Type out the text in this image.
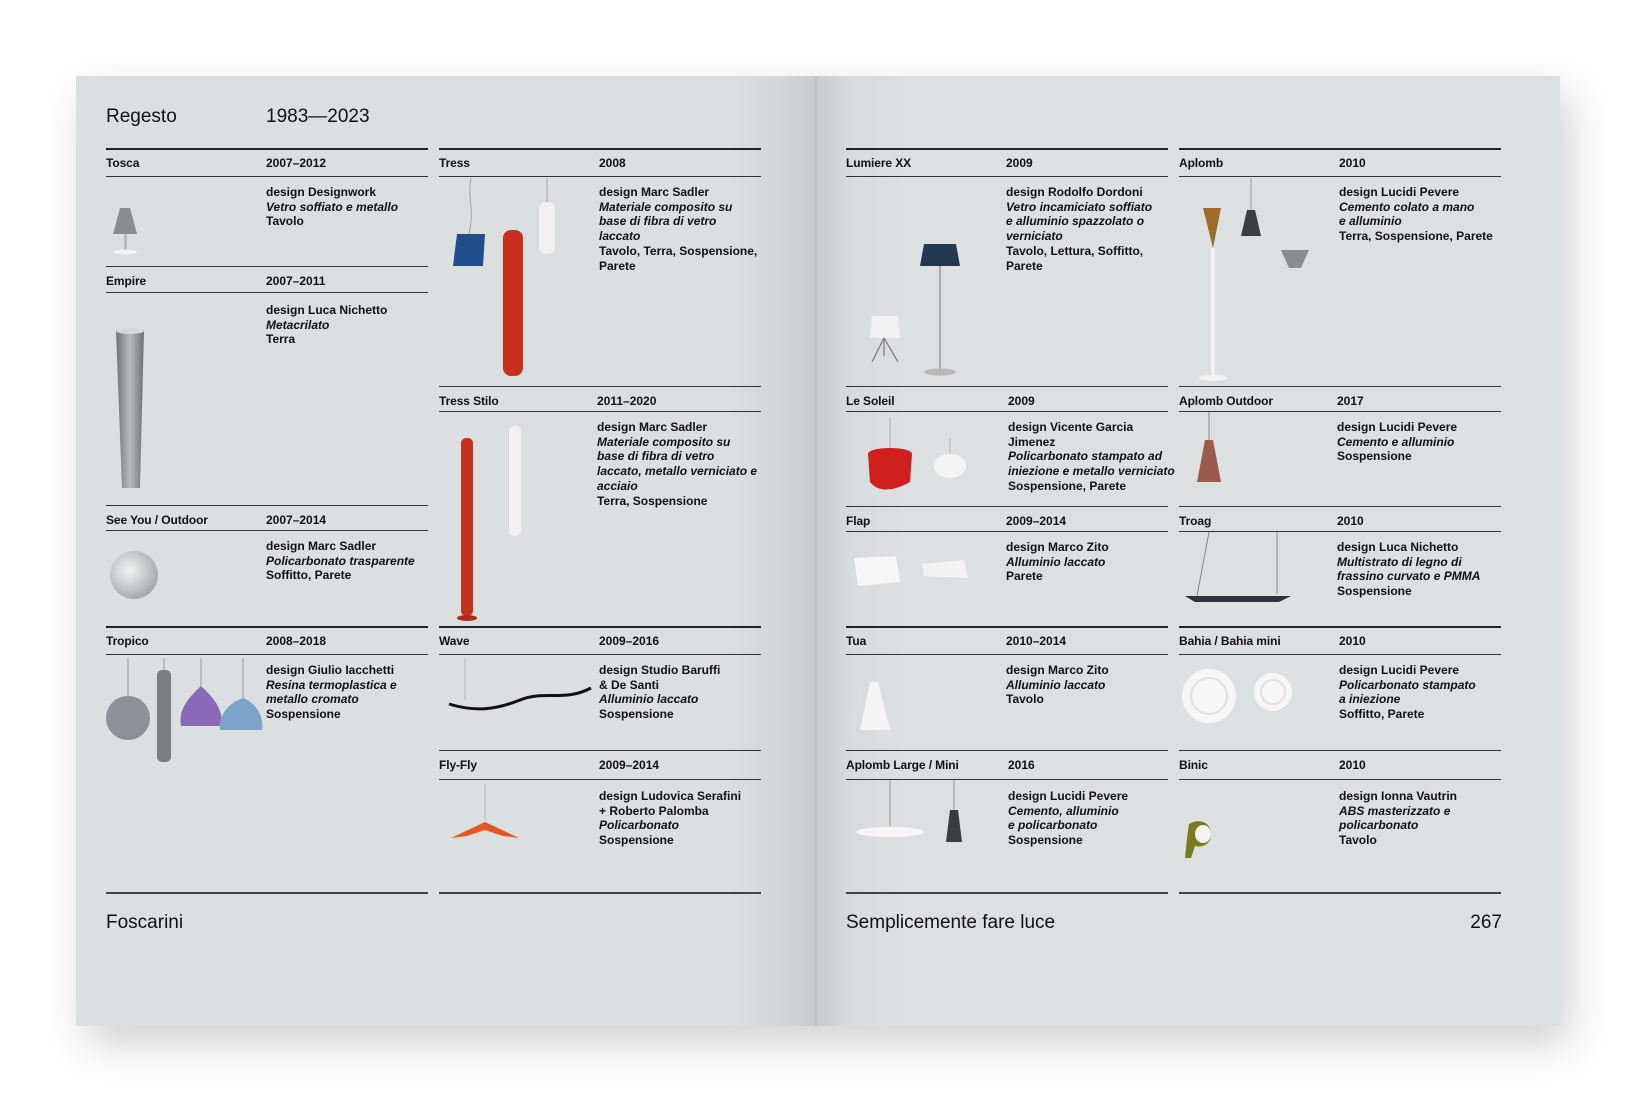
Regesto	1983—2023
Tosca	2007–2012
design Designwork
Vetro soffiato e metallo
Tavolo
Empire	2007–2011
design Luca Nichetto
Metacrilato
Terra
See You / Outdoor	2007–2014
design Marc Sadler
Policarbonato trasparente
Soffitto, Parete
Tropico	2008–2018
design Giulio Iacchetti
Resina termoplastica e metallo cromato
Sospensione
Tress	2008
design Marc Sadler
Materiale composito su base di fibra di vetro laccato
Tavolo, Terra, Sospensione, Parete
Tress Stilo	2011–2020
design Marc Sadler
Materiale composito su base di fibra di vetro laccato, metallo verniciato e acciaio
Terra, Sospensione
Wave	2009–2016
design Studio Baruffi & De Santi
Alluminio laccato
Sospensione
Fly-Fly	2009–2014
design Ludovica Serafini + Roberto Palomba
Policarbonato
Sospensione
Foscarini
Lumiere XX	2009
design Rodolfo Dordoni
Vetro incamiciato soffiato e alluminio spazzolato o verniciato
Tavolo, Lettura, Soffitto, Parete
Aplomb	2010
design Lucidi Pevere
Cemento colato a mano e alluminio
Terra, Sospensione, Parete
Le Soleil	2009
design Vicente Garcia Jimenez
Policarbonato stampato ad iniezione e metallo verniciato
Sospensione, Parete
Aplomb Outdoor	2017
design Lucidi Pevere
Cemento e alluminio
Sospensione
Flap	2009–2014
design Marco Zito
Alluminio laccato
Parete
Troag	2010
design Luca Nichetto
Multistrato di legno di frassino curvato e PMMA
Sospensione
Tua	2010–2014
design Marco Zito
Alluminio laccato
Tavolo
Bahia / Bahia mini	2010
design Lucidi Pevere
Policarbonato stampato a iniezione
Soffitto, Parete
Aplomb Large / Mini	2016
design Lucidi Pevere
Cemento, alluminio e policarbonato
Sospensione
Binic	2010
design Ionna Vautrin
ABS masterizzato e policarbonato
Tavolo
Semplicemente fare luce	267
